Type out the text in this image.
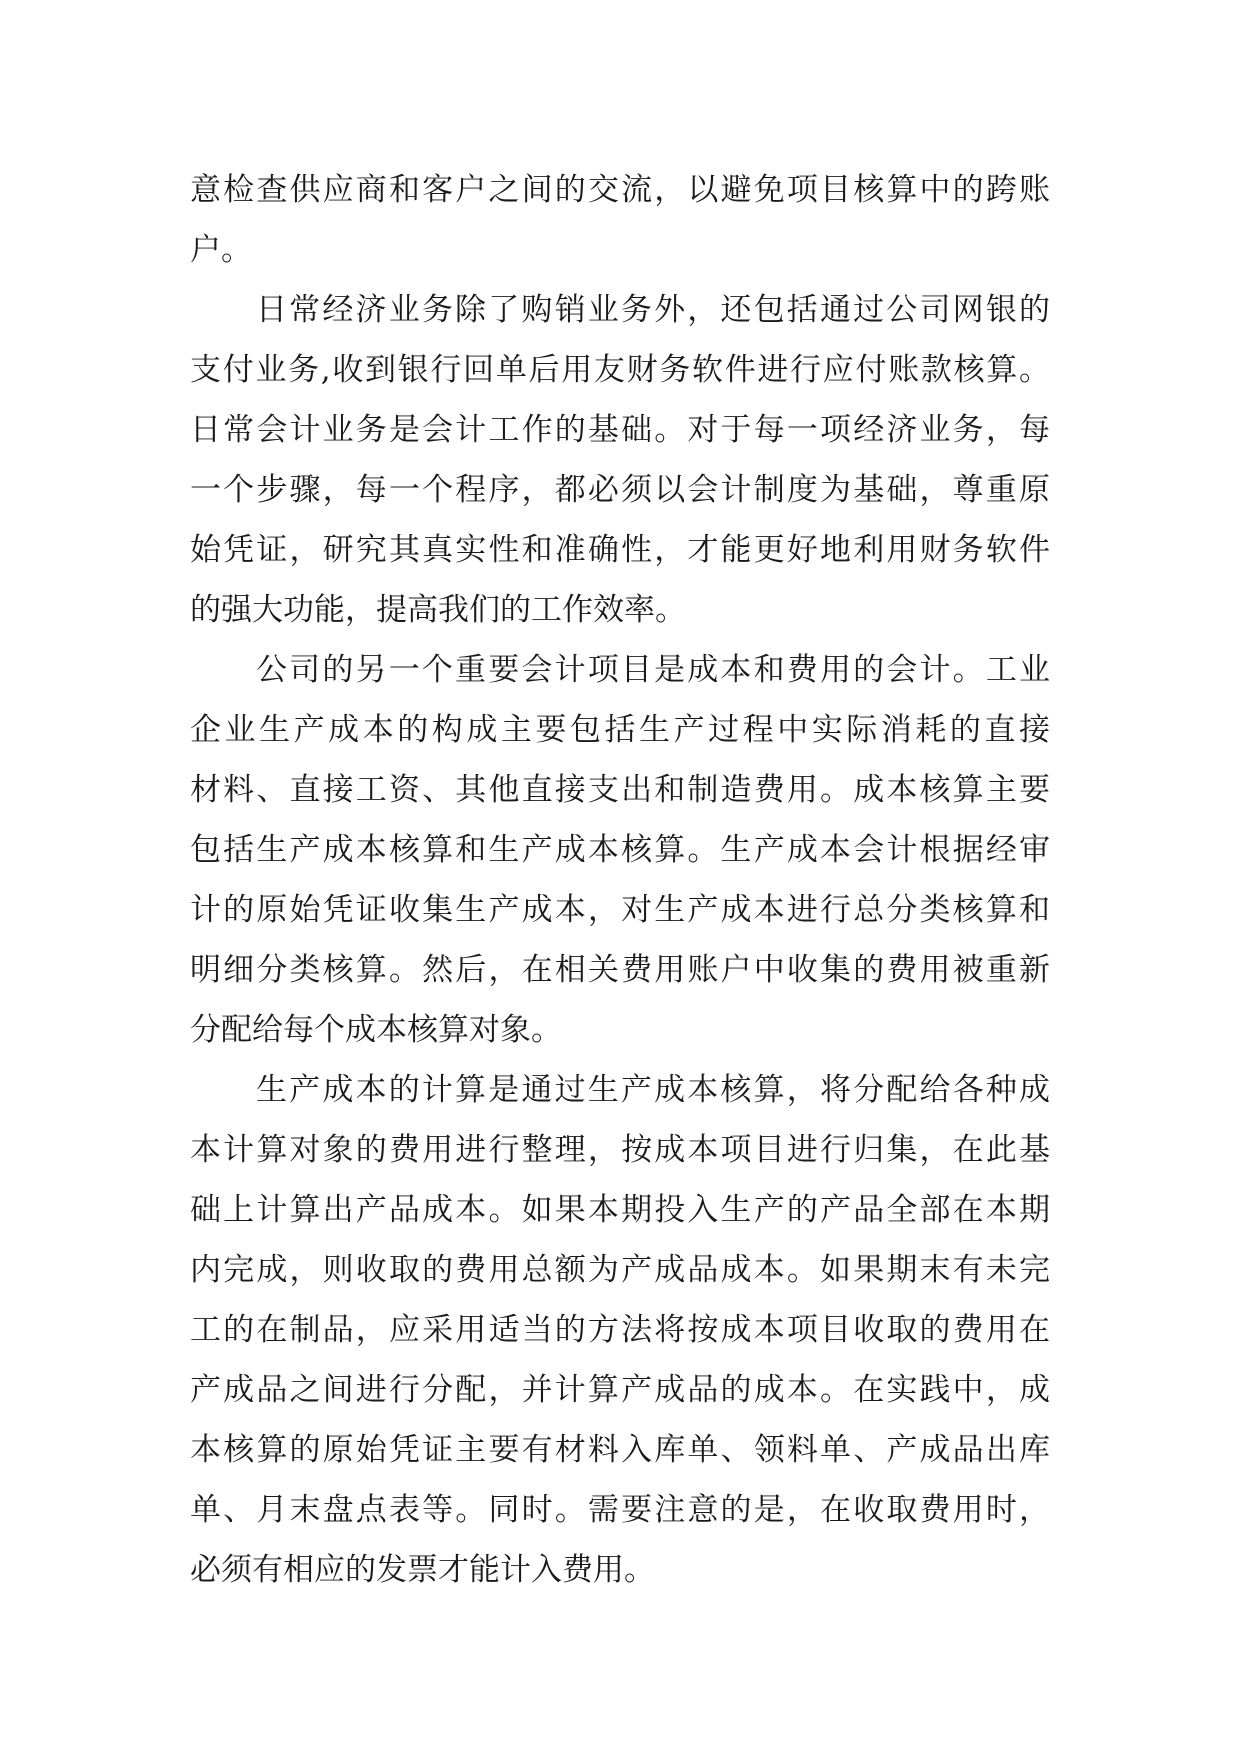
意检查供应商和客户之间的交流，以避免项目核算中的跨账
户。
日常经济业务除了购销业务外，还包括通过公司网银的
支付业务,收到银行回单后用友财务软件进行应付账款核算。
日常会计业务是会计工作的基础。对于每一项经济业务，每
一个步骤，每一个程序，都必须以会计制度为基础，尊重原
始凭证，研究其真实性和准确性，才能更好地利用财务软件
的强大功能，提高我们的工作效率。
公司的另一个重要会计项目是成本和费用的会计。工业
企业生产成本的构成主要包括生产过程中实际消耗的直接
材料、直接工资、其他直接支出和制造费用。成本核算主要
包括生产成本核算和生产成本核算。生产成本会计根据经审
计的原始凭证收集生产成本，对生产成本进行总分类核算和
明细分类核算。然后，在相关费用账户中收集的费用被重新
分配给每个成本核算对象。
生产成本的计算是通过生产成本核算，将分配给各种成
本计算对象的费用进行整理，按成本项目进行归集，在此基
础上计算出产品成本。如果本期投入生产的产品全部在本期
内完成，则收取的费用总额为产成品成本。如果期末有未完
工的在制品，应采用适当的方法将按成本项目收取的费用在
产成品之间进行分配，并计算产成品的成本。在实践中，成
本核算的原始凭证主要有材料入库单、领料单、产成品出库
单、月末盘点表等。同时。需要注意的是，在收取费用时，
必须有相应的发票才能计入费用。
